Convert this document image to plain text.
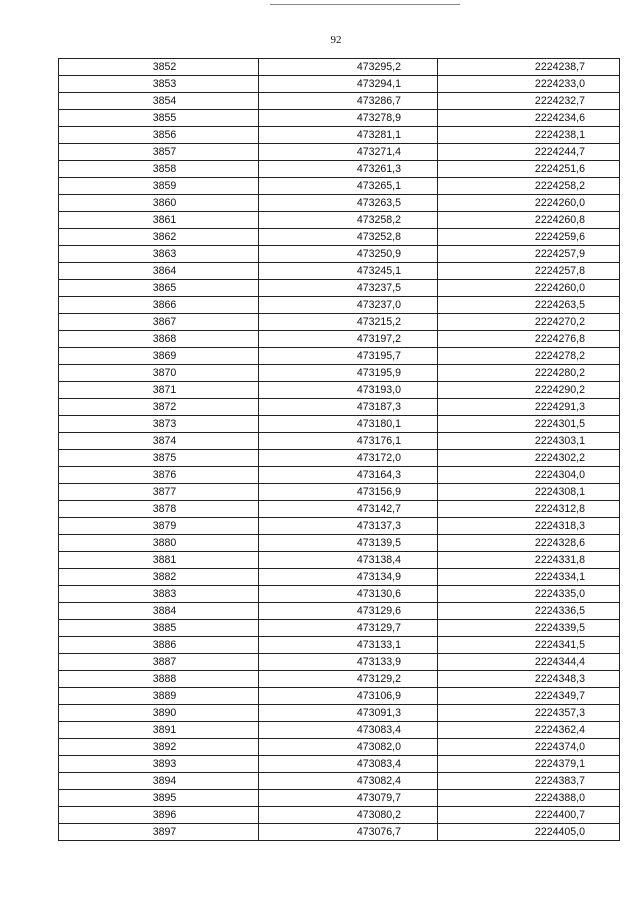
92
3852	473295,2	2224238,7
3853	473294,1	2224233,0
3854	473286,7	2224232,7
3855	473278,9	2224234,6
3856	473281,1	2224238,1
3857	473271,4	2224244,7
3858	473261,3	2224251,6
3859	473265,1	2224258,2
3860	473263,5	2224260,0
3861	473258,2	2224260,8
3862	473252,8	2224259,6
3863	473250,9	2224257,9
3864	473245,1	2224257,8
3865	473237,5	2224260,0
3866	473237,0	2224263,5
3867	473215,2	2224270,2
3868	473197,2	2224276,8
3869	473195,7	2224278,2
3870	473195,9	2224280,2
3871	473193,0	2224290,2
3872	473187,3	2224291,3
3873	473180,1	2224301,5
3874	473176,1	2224303,1
3875	473172,0	2224302,2
3876	473164,3	2224304,0
3877	473156,9	2224308,1
3878	473142,7	2224312,8
3879	473137,3	2224318,3
3880	473139,5	2224328,6
3881	473138,4	2224331,8
3882	473134,9	2224334,1
3883	473130,6	2224335,0
3884	473129,6	2224336,5
3885	473129,7	2224339,5
3886	473133,1	2224341,5
3887	473133,9	2224344,4
3888	473129,2	2224348,3
3889	473106,9	2224349,7
3890	473091,3	2224357,3
3891	473083,4	2224362,4
3892	473082,0	2224374,0
3893	473083,4	2224379,1
3894	473082,4	2224383,7
3895	473079,7	2224388,0
3896	473080,2	2224400,7
3897	473076,7	2224405,0
